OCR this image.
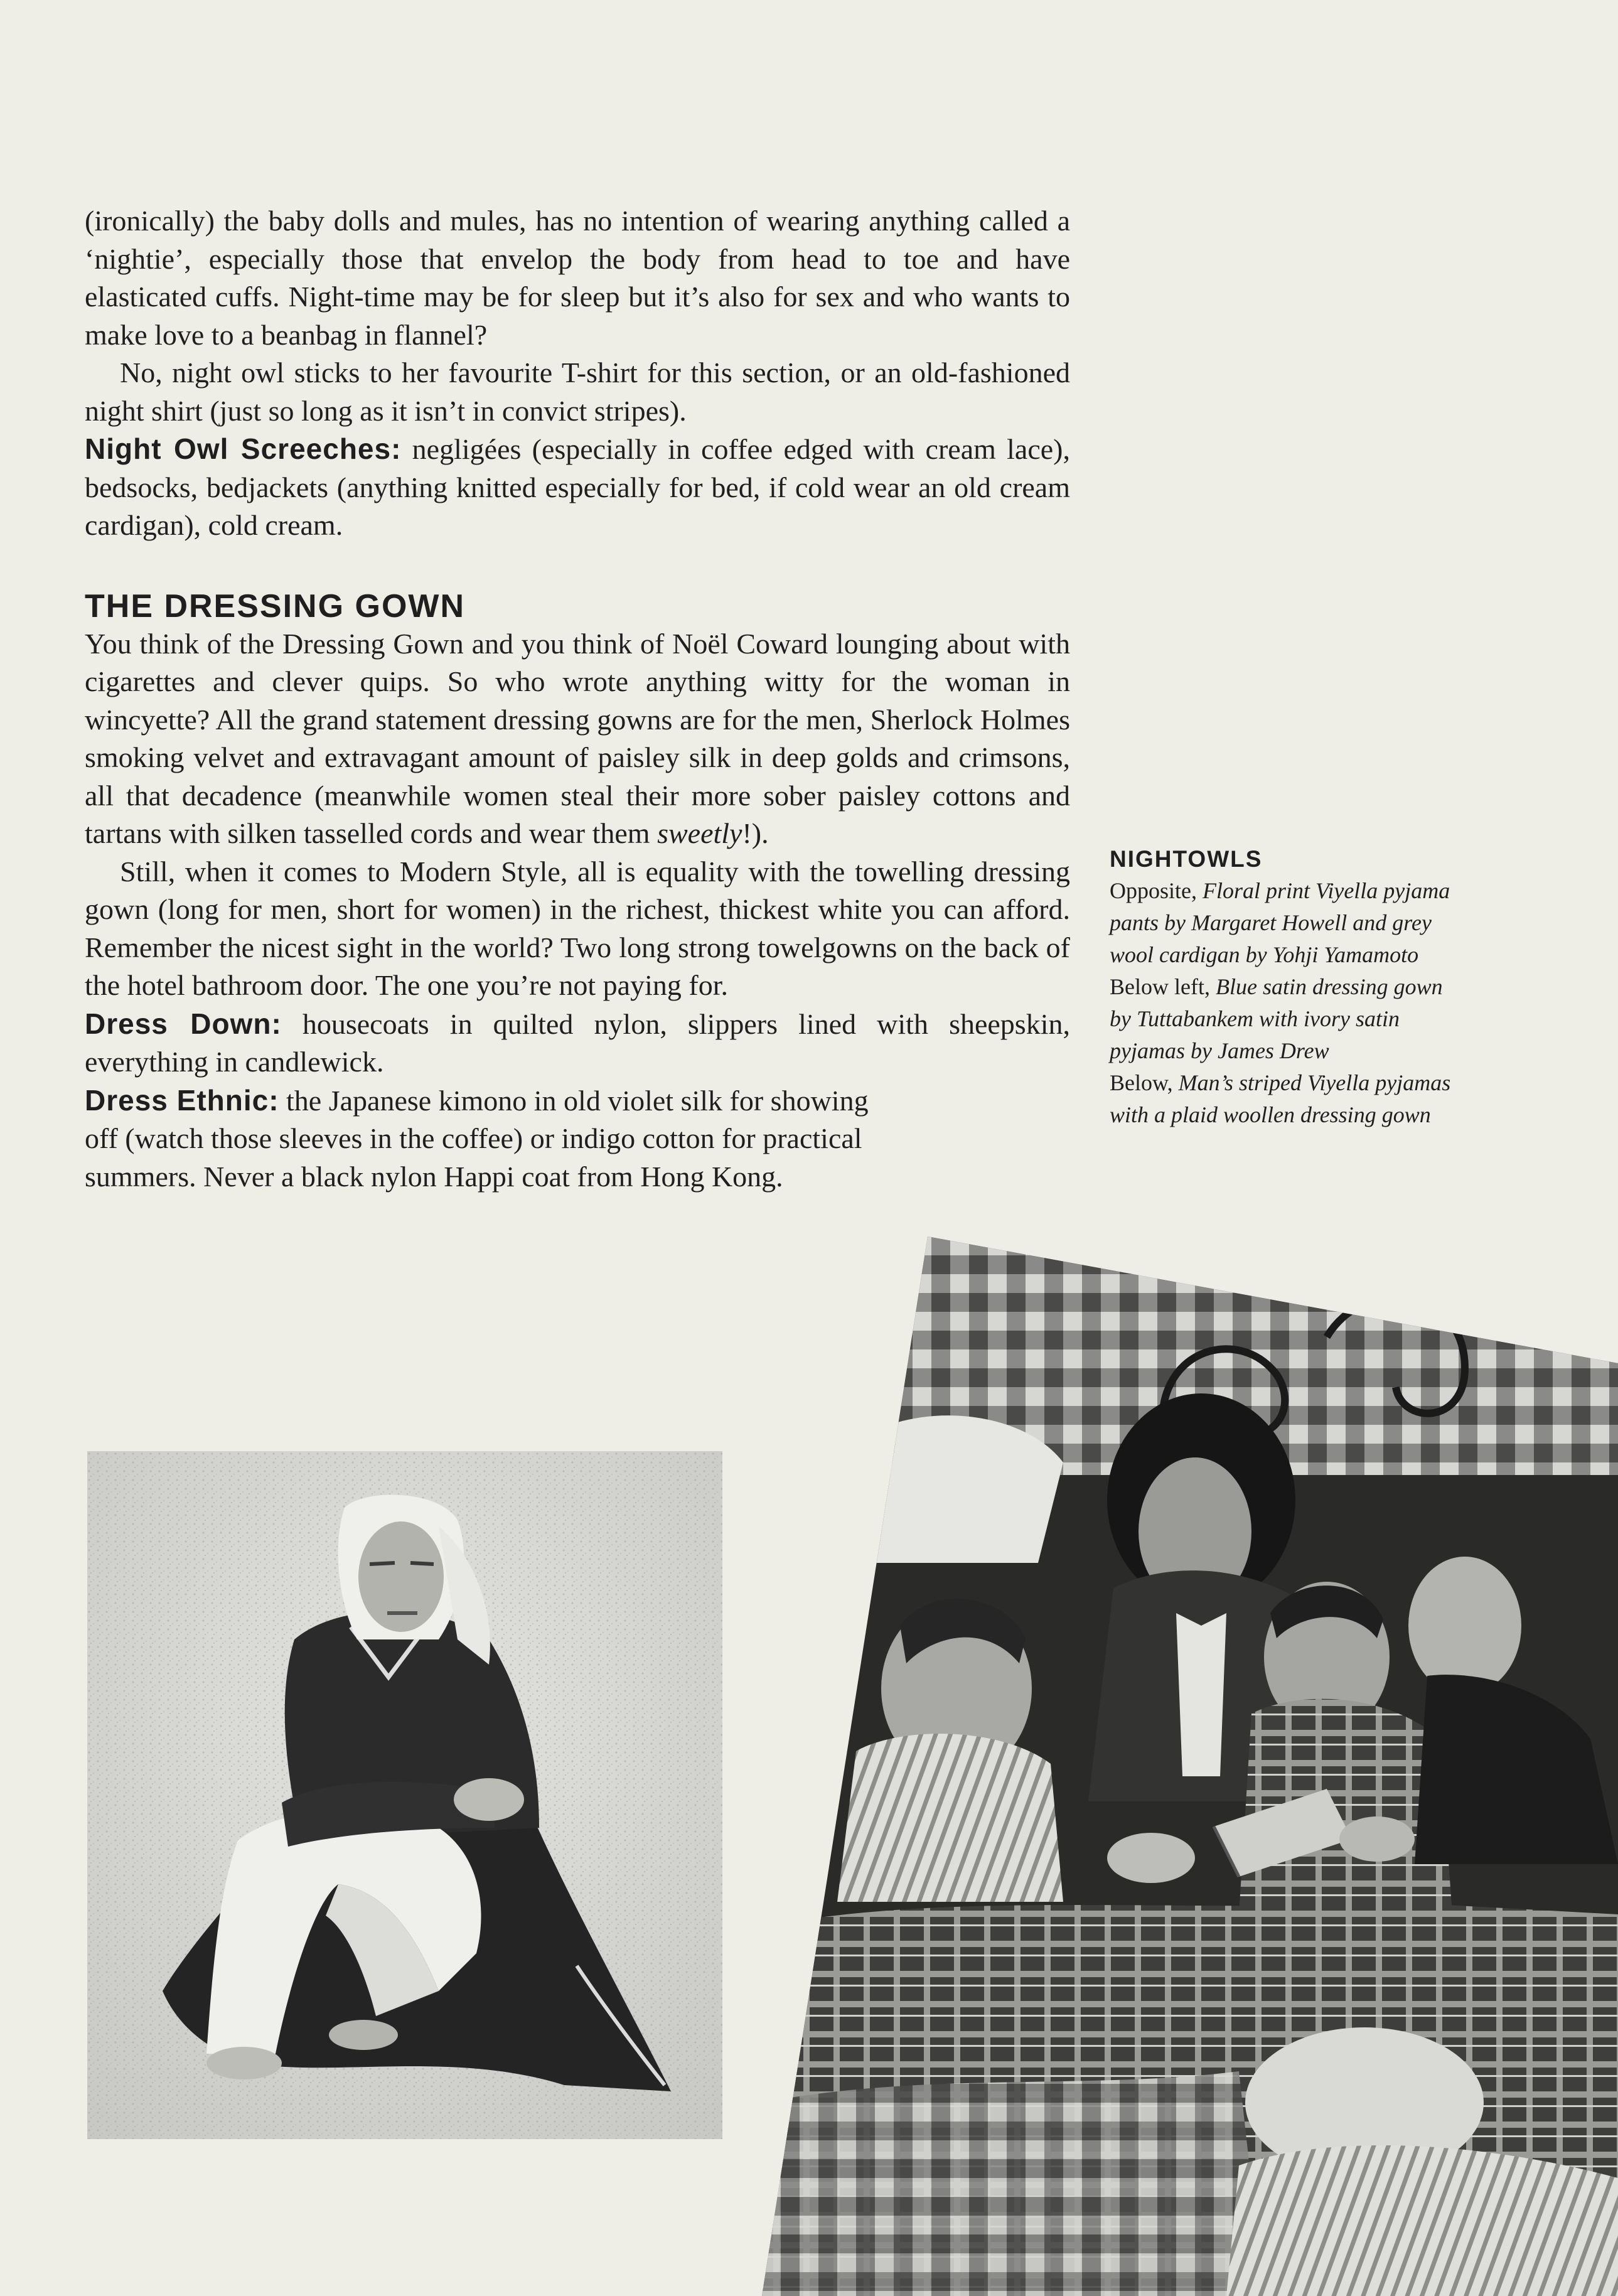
(ironically) the baby dolls and mules, has no intention of wearing anything called a ‘nightie’, especially those that envelop the body from head to toe and have elasticated cuffs. Night-time may be for sleep but it’s also for sex and who wants to make love to a beanbag in flannel?

No, night owl sticks to her favourite T-shirt for this section, or an old-fashioned night shirt (just so long as it isn’t in convict stripes).

Night Owl Screeches: negligées (especially in coffee edged with cream lace), bedsocks, bedjackets (anything knitted especially for bed, if cold wear an old cream cardigan), cold cream.

THE DRESSING GOWN

You think of the Dressing Gown and you think of Noël Coward lounging about with cigarettes and clever quips. So who wrote anything witty for the woman in wincyette? All the grand statement dressing gowns are for the men, Sherlock Holmes smoking velvet and extravagant amount of paisley silk in deep golds and crimsons, all that decadence (meanwhile women steal their more sober paisley cottons and tartans with silken tasselled cords and wear them sweetly!).

Still, when it comes to Modern Style, all is equality with the towelling dressing gown (long for men, short for women) in the richest, thickest white you can afford. Remember the nicest sight in the world? Two long strong towelgowns on the back of the hotel bathroom door. The one you’re not paying for.

Dress Down: housecoats in quilted nylon, slippers lined with sheepskin, everything in candlewick.

Dress Ethnic: the Japanese kimono in old violet silk for showing

off (watch those sleeves in the coffee) or indigo cotton for practical summers. Never a black nylon Happi coat from Hong Kong.

NIGHTOWLS
Opposite, Floral print Viyella pyjama pants by Margaret Howell and grey wool cardigan by Yohji Yamamoto
Below left, Blue satin dressing gown by Tuttabankem with ivory satin pyjamas by James Drew
Below, Man’s striped Viyella pyjamas with a plaid woollen dressing gown
